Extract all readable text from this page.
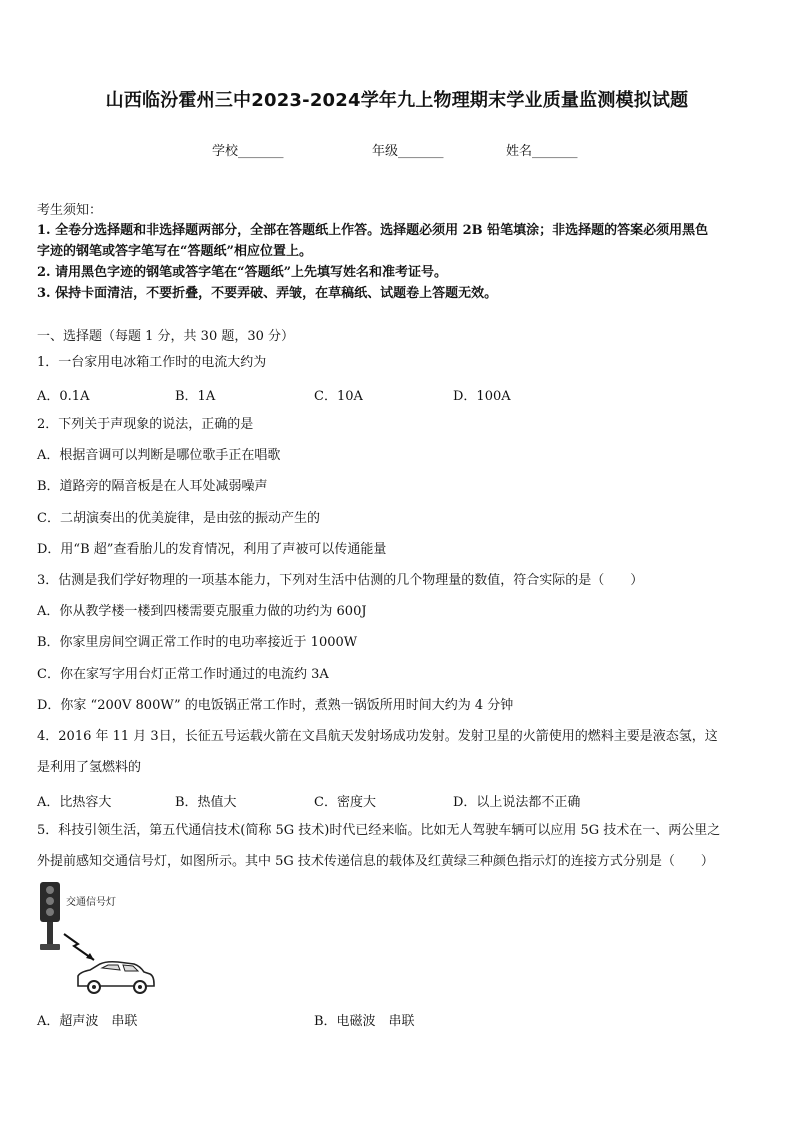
山西临汾霍州三中2023-2024学年九上物理期末学业质量监测模拟试题
学校_______	年级_______	姓名_______
考生须知：
1. 全卷分选择题和非选择题两部分，全部在答题纸上作答。选择题必须用 2B 铅笔填涂；非选择题的答案必须用黑色
字迹的钢笔或答字笔写在“答题纸”相应位置上。
2. 请用黑色字迹的钢笔或答字笔在“答题纸”上先填写姓名和准考证号。
3. 保持卡面清洁，不要折叠，不要弄破、弄皱，在草稿纸、试题卷上答题无效。
一、选择题（每题 1 分，共 30 题，30 分）
1．一台家用电冰箱工作时的电流大约为
A．0.1A	B．1A	C．10A	D．100A
2．下列关于声现象的说法，正确的是
A．根据音调可以判断是哪位歌手正在唱歌
B．道路旁的隔音板是在人耳处减弱噪声
C．二胡演奏出的优美旋律，是由弦的振动产生的
D．用“B 超”查看胎儿的发育情况，利用了声被可以传通能量
3．估测是我们学好物理的一项基本能力，下列对生活中估测的几个物理量的数值，符合实际的是（　　）
A．你从教学楼一楼到四楼需要克服重力做的功约为 600J
B．你家里房间空调正常工作时的电功率接近于 1000W
C．你在家写字用台灯正常工作时通过的电流约 3A
D．你家 “200V 800W” 的电饭锅正常工作时，煮熟一锅饭所用时间大约为 4 分钟
4．2016 年 11 月 3日，长征五号运载火箭在文昌航天发射场成功发射。发射卫星的火箭使用的燃料主要是液态氢，这
是利用了氢燃料的
A．比热容大	B．热值大	C．密度大	D．以上说法都不正确
5．科技引领生活，第五代通信技术(简称 5G 技术)时代已经来临。比如无人驾驶车辆可以应用 5G 技术在一、两公里之
外提前感知交通信号灯，如图所示。其中 5G 技术传递信息的载体及红黄绿三种颜色指示灯的连接方式分别是（　　）
交通信号灯
A．超声波　串联	B．电磁波　串联
